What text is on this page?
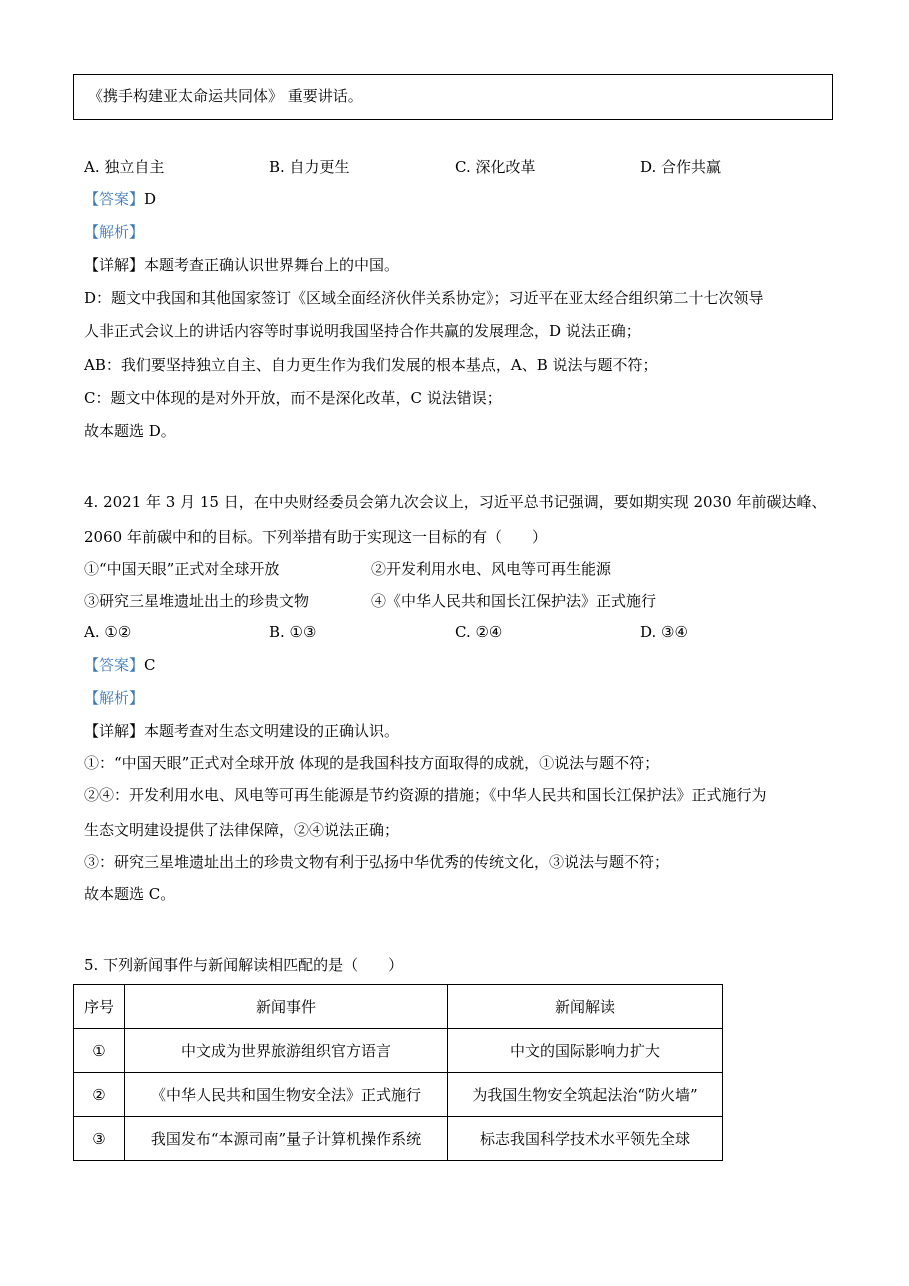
《携手构建亚太命运共同体》 重要讲话。
A. 独立自主	B. 自力更生	C. 深化改革	D. 合作共赢
【答案】D
【解析】
【详解】本题考查正确认识世界舞台上的中国。
D：题文中我国和其他国家签订《区域全面经济伙伴关系协定》；习近平在亚太经合组织第二十七次领导
人非正式会议上的讲话内容等时事说明我国坚持合作共赢的发展理念，D 说法正确；
AB：我们要坚持独立自主、自力更生作为我们发展的根本基点，A、B 说法与题不符；
C：题文中体现的是对外开放，而不是深化改革，C 说法错误；
故本题选 D。
4. 2021 年 3 月 15 日，在中央财经委员会第九次会议上，习近平总书记强调，要如期实现 2030 年前碳达峰、
2060 年前碳中和的目标。下列举措有助于实现这一目标的有（　　）
①“中国天眼”正式对全球开放	②开发利用水电、风电等可再生能源
③研究三星堆遗址出土的珍贵文物	④《中华人民共和国长江保护法》正式施行
A. ①②	B. ①③	C. ②④	D. ③④
【答案】C
【解析】
【详解】本题考查对生态文明建设的正确认识。
①：“中国天眼”正式对全球开放 体现的是我国科技方面取得的成就，①说法与题不符；
②④：开发利用水电、风电等可再生能源是节约资源的措施；《中华人民共和国长江保护法》正式施行为
生态文明建设提供了法律保障，②④说法正确；
③：研究三星堆遗址出土的珍贵文物有利于弘扬中华优秀的传统文化，③说法与题不符；
故本题选 C。
5. 下列新闻事件与新闻解读相匹配的是（　　）
序号	新闻事件	新闻解读
①	中文成为世界旅游组织官方语言	中文的国际影响力扩大
②	《中华人民共和国生物安全法》正式施行	为我国生物安全筑起法治“防火墙”
③	我国发布“本源司南”量子计算机操作系统	标志我国科学技术水平领先全球
